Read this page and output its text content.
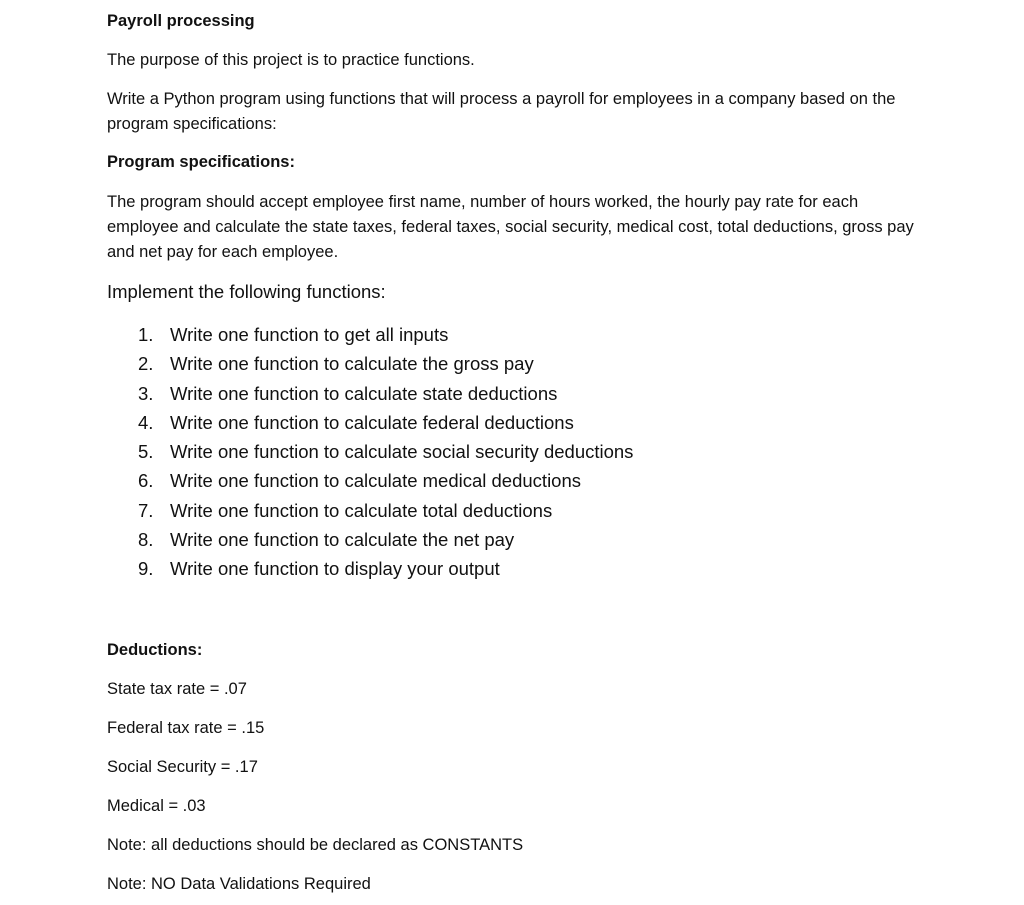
Payroll processing
The purpose of this project is to practice functions.
Write a Python program using functions that will process a payroll for employees in a company based on the program specifications:
Program specifications:
The program should accept employee first name, number of hours worked, the hourly pay rate for each employee and calculate the state taxes, federal taxes, social security, medical cost, total deductions, gross pay and net pay for each employee.
Implement the following functions:
1. Write one function to get all inputs
2. Write one function to calculate the gross pay
3. Write one function to calculate state deductions
4. Write one function to calculate federal deductions
5. Write one function to calculate social security deductions
6. Write one function to calculate medical deductions
7. Write one function to calculate total deductions
8. Write one function to calculate the net pay
9. Write one function to display your output
Deductions:
State tax rate = .07
Federal tax rate = .15
Social Security = .17
Medical = .03
Note: all deductions should be declared as CONSTANTS
Note: NO Data Validations Required
